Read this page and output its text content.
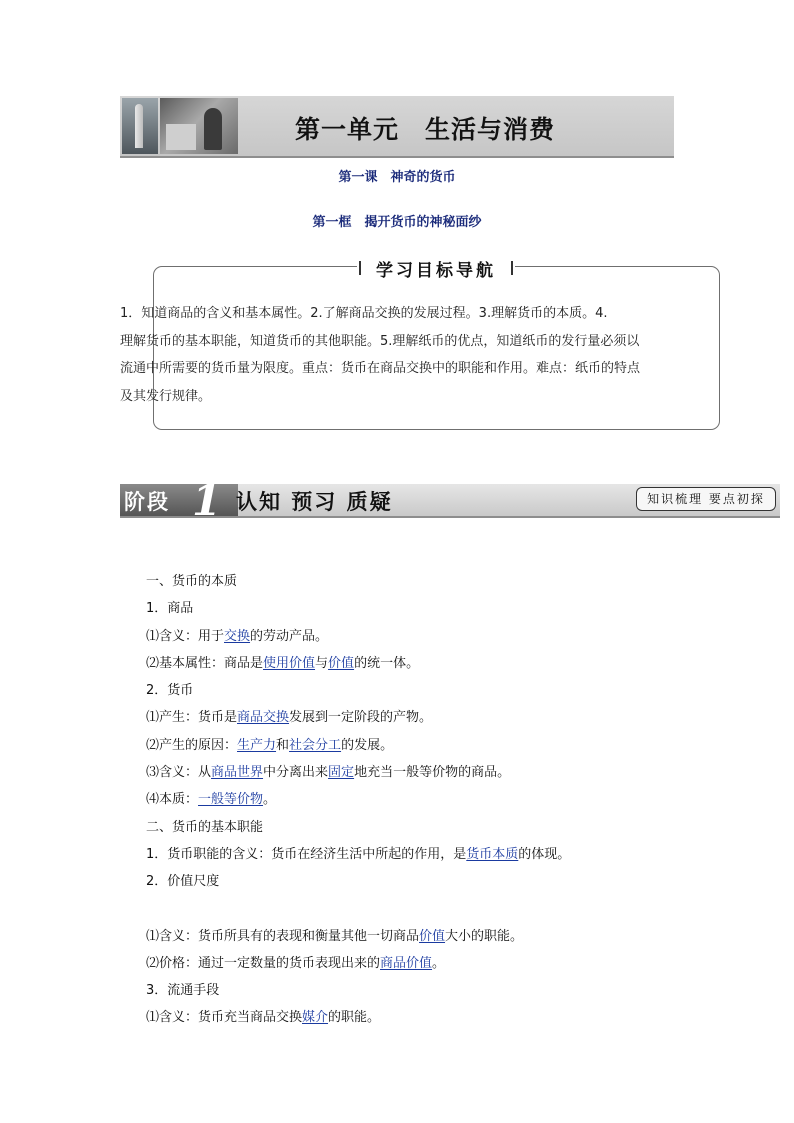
第一单元　生活与消费
第一课　神奇的货币
第一框　揭开货币的神秘面纱
学习目标导航

1．知道商品的含义和基本属性。2.了解商品交换的发展过程。3.理解货币的本质。4.

理解货币的基本职能，知道货币的其他职能。5.理解纸币的优点，知道纸币的发行量必须以

流通中所需要的货币量为限度。重点：货币在商品交换中的职能和作用。难点：纸币的特点

及其发行规律。

阶段 1 认知 预习 质疑	知识梳理 要点初探
一、货币的本质
1．商品
⑴含义：用于交换的劳动产品。
⑵基本属性：商品是使用价值与价值的统一体。
2．货币
⑴产生：货币是商品交换发展到一定阶段的产物。
⑵产生的原因：生产力和社会分工的发展。
⑶含义：从商品世界中分离出来固定地充当一般等价物的商品。
⑷本质：一般等价物。
二、货币的基本职能
1．货币职能的含义：货币在经济生活中所起的作用，是货币本质的体现。
2．价值尺度
⑴含义：货币所具有的表现和衡量其他一切商品价值大小的职能。
⑵价格：通过一定数量的货币表现出来的商品价值。
3．流通手段
⑴含义：货币充当商品交换媒介的职能。
